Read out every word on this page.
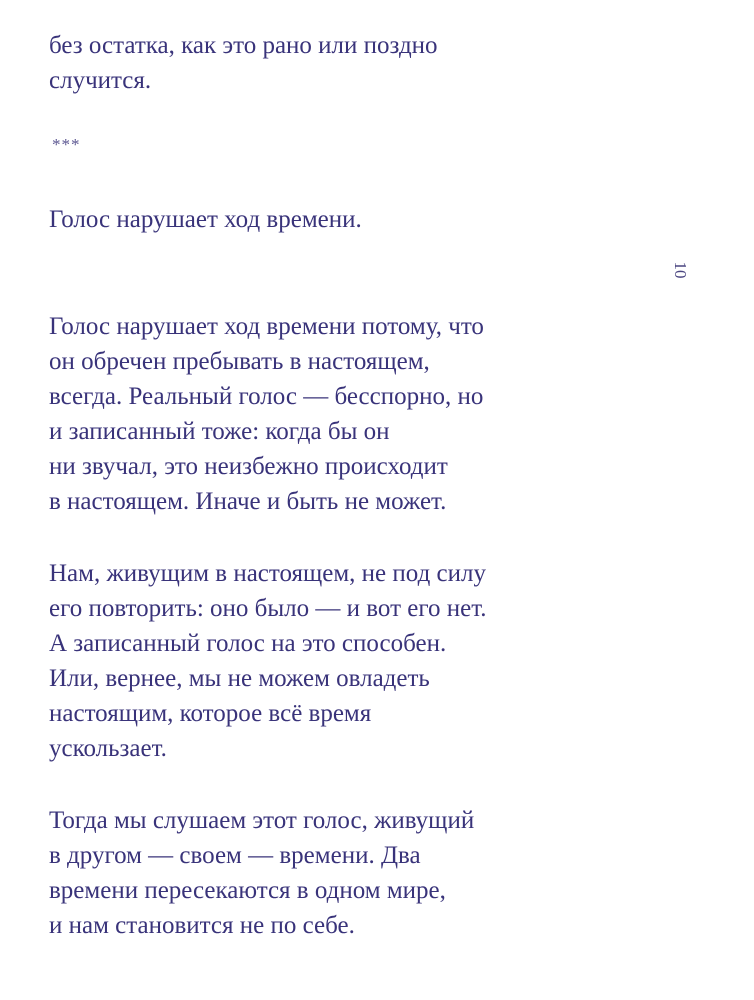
без остатка, как это рано или поздно
случится.
***
Голос нарушает ход времени.
10
Голос нарушает ход времени потому, что
он обречен пребывать в настоящем,
всегда. Реальный голос — бесспорно, но
и записанный тоже: когда бы он
ни звучал, это неизбежно происходит
в настоящем. Иначе и быть не может.
Нам, живущим в настоящем, не под силу
его повторить: оно было — и вот его нет.
А записанный голос на это способен.
Или, вернее, мы не можем овладеть
настоящим, которое всё время
ускользает.
Тогда мы слушаем этот голос, живущий
в другом — своем — времени. Два
времени пересекаются в одном мире,
и нам становится не по себе.
